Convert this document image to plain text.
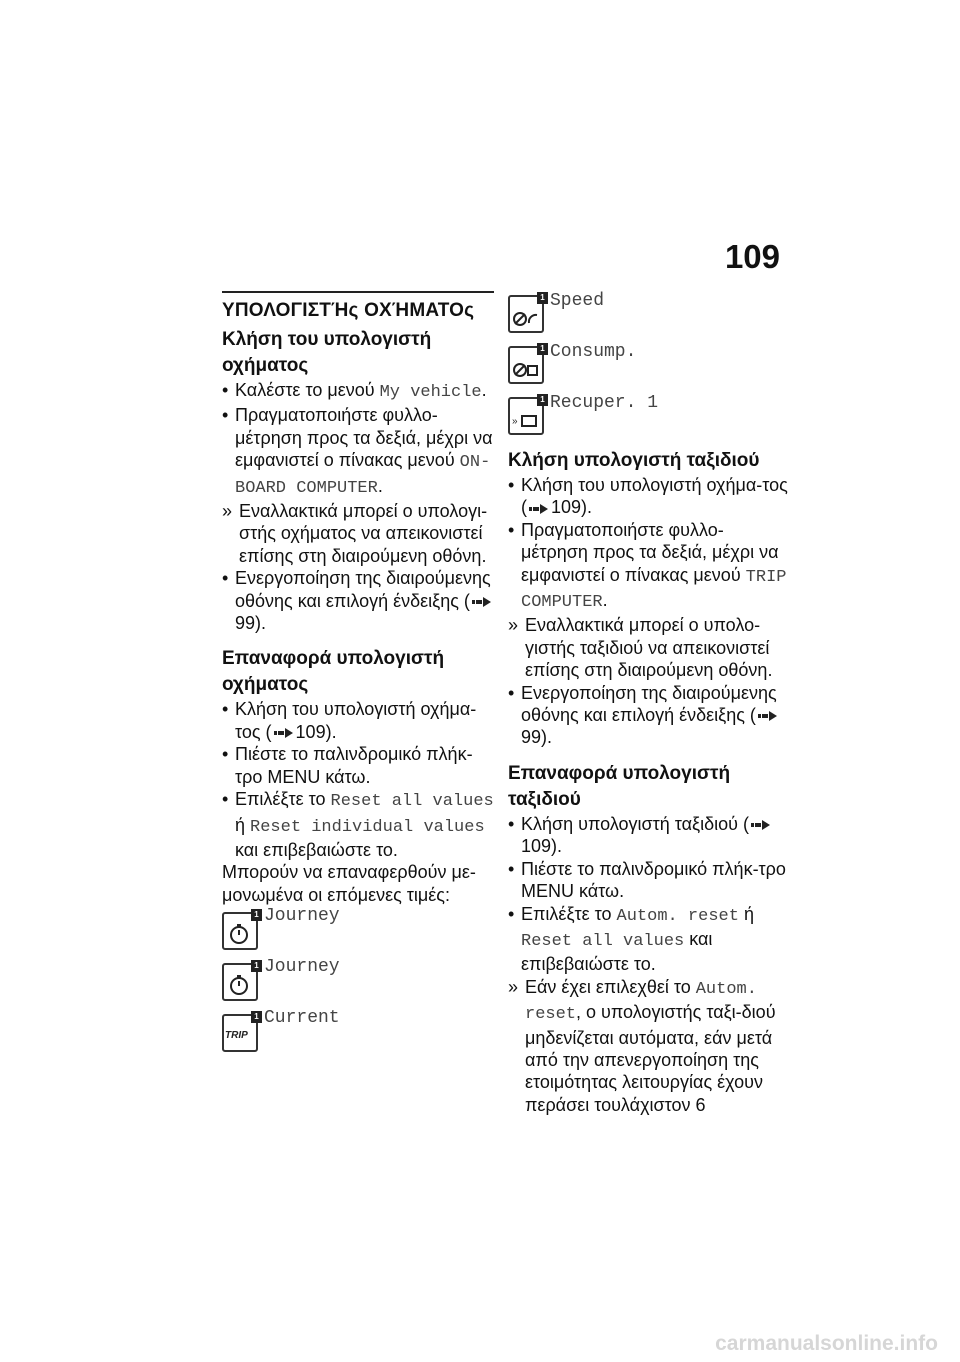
109
ΥΠΟΛΟΓΙΣΤΉς ΟΧΉΜΑΤΟς
Κλήση του υπολογιστή οχήματος
• Καλέστε το μενού My vehicle.
• Πραγματοποιήστε φυλλο-μέτρηση προς τα δεξιά, μέχρι να εμφανιστεί ο πίνακας μενού ON-BOARD COMPUTER.
» Εναλλακτικά μπορεί ο υπολογι-στής οχήματος να απεικονιστεί επίσης στη διαιρούμενη οθόνη.
• Ενεργοποίηση της διαιρούμενης οθόνης και επιλογή ένδειξης (99).
Επαναφορά υπολογιστή οχήματος
• Κλήση του υπολογιστή οχήμα-τος ( 109).
• Πιέστε το παλινδρομικό πλήκ-τρο MENU κάτω.
• Επιλέξτε το Reset all values ή Reset individual values και επιβεβαιώστε το.
Μπορούν να επαναφερθούν με-μονωμένα οι επόμενες τιμές:
1 Journey
1 Journey
TRIP
1 Current
1 Speed
1 Consump.
»
1 Recuper. 1
Κλήση υπολογιστή ταξιδιού
• Κλήση του υπολογιστή οχήμα-τος ( 109).
• Πραγματοποιήστε φυλλο-μέτρηση προς τα δεξιά, μέχρι να εμφανιστεί ο πίνακας μενού TRIP COMPUTER.
» Εναλλακτικά μπορεί ο υπολο-γιστής ταξιδιού να απεικονιστεί επίσης στη διαιρούμενη οθόνη.
• Ενεργοποίηση της διαιρούμενης οθόνης και επιλογή ένδειξης (99).
Επαναφορά υπολογιστή ταξιδιού
• Κλήση υπολογιστή ταξιδιού (109).
• Πιέστε το παλινδρομικό πλήκ-τρο MENU κάτω.
• Επιλέξτε το Autom. reset ή Reset all values και επιβεβαιώστε το.
» Εάν έχει επιλεχθεί το Autom. reset, ο υπολογιστής ταξι-διού μηδενίζεται αυτόματα, εάν μετά από την απενεργοποίηση της ετοιμότητας λειτουργίας έχουν περάσει τουλάχιστον 6
carmanualsonline.info
